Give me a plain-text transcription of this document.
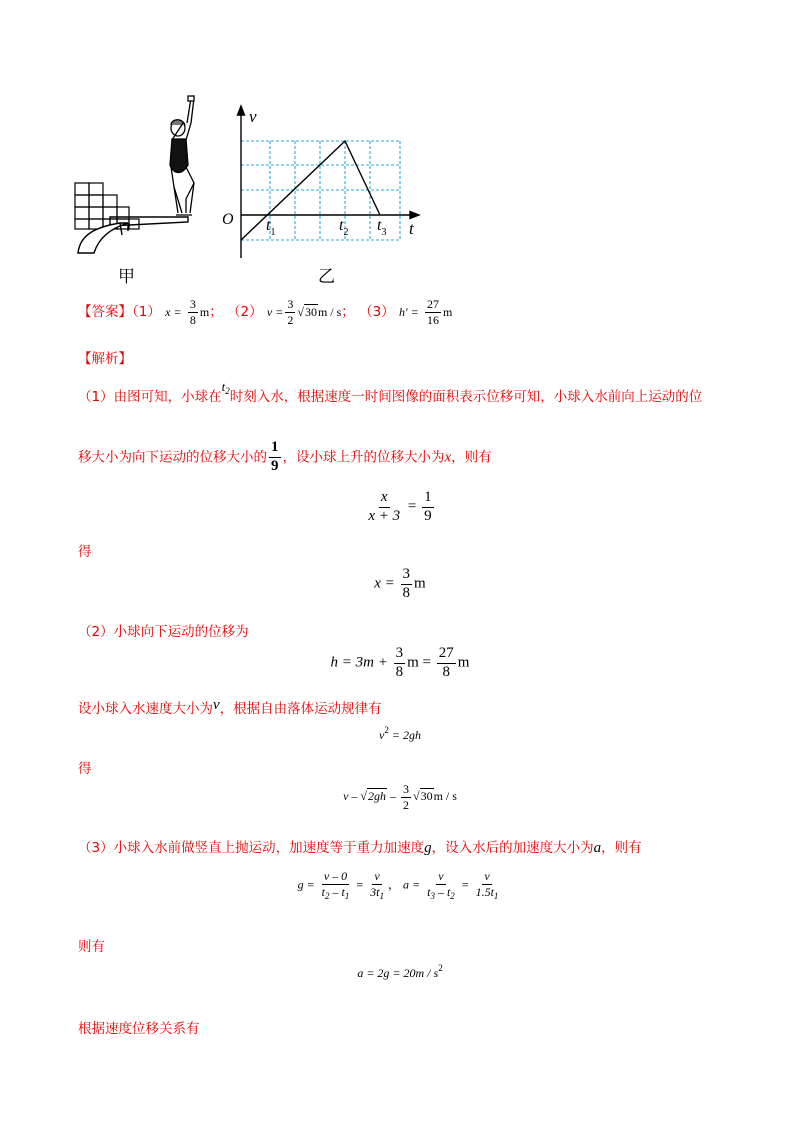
甲
v
t
O $t_1$	$t_2$ $t_3$
乙
【答案】（1） $x = \frac{3}{8}$ m； （2） $v = \frac{3}{2} √30m / s$； （3） $h' = \frac{27}{16}$ m
【解析】
（1）由图可知，小球在$t_2$时刻入水，根据速度一时间图像的面积表示位移可知，小球入水前向上运动的位
移大小为向下运动的位移大小的 $\frac{1}{9}$ ，设小球上升的位移大小为x，则有
$\frac{x}{x + 3} = \frac{1}{9}$
得
$x = \frac{3}{8}$ m
（2）小球向下运动的位移为
$h = 3m + \frac{3}{8}$ $m = \frac{27}{8}$ m
设小球入水速度大小为v，根据自由落体运动规律有
$v^2 = 2gh$
得
v – $√2gh - \frac{3}{2} √30m$ / s
（3）小球入水前做竖直上抛运动，加速度等于重力加速度g，设入水后的加速度大小为a，则有
$g = \frac{v - 0}{t_2 - t_1} = \frac{v}{3t_1}$ ， $a = \frac{v}{t_3 - t_2} = \frac{v}{1.5t_1}$
则有
$a = 2g = 20m / s^2$
根据速度位移关系有
